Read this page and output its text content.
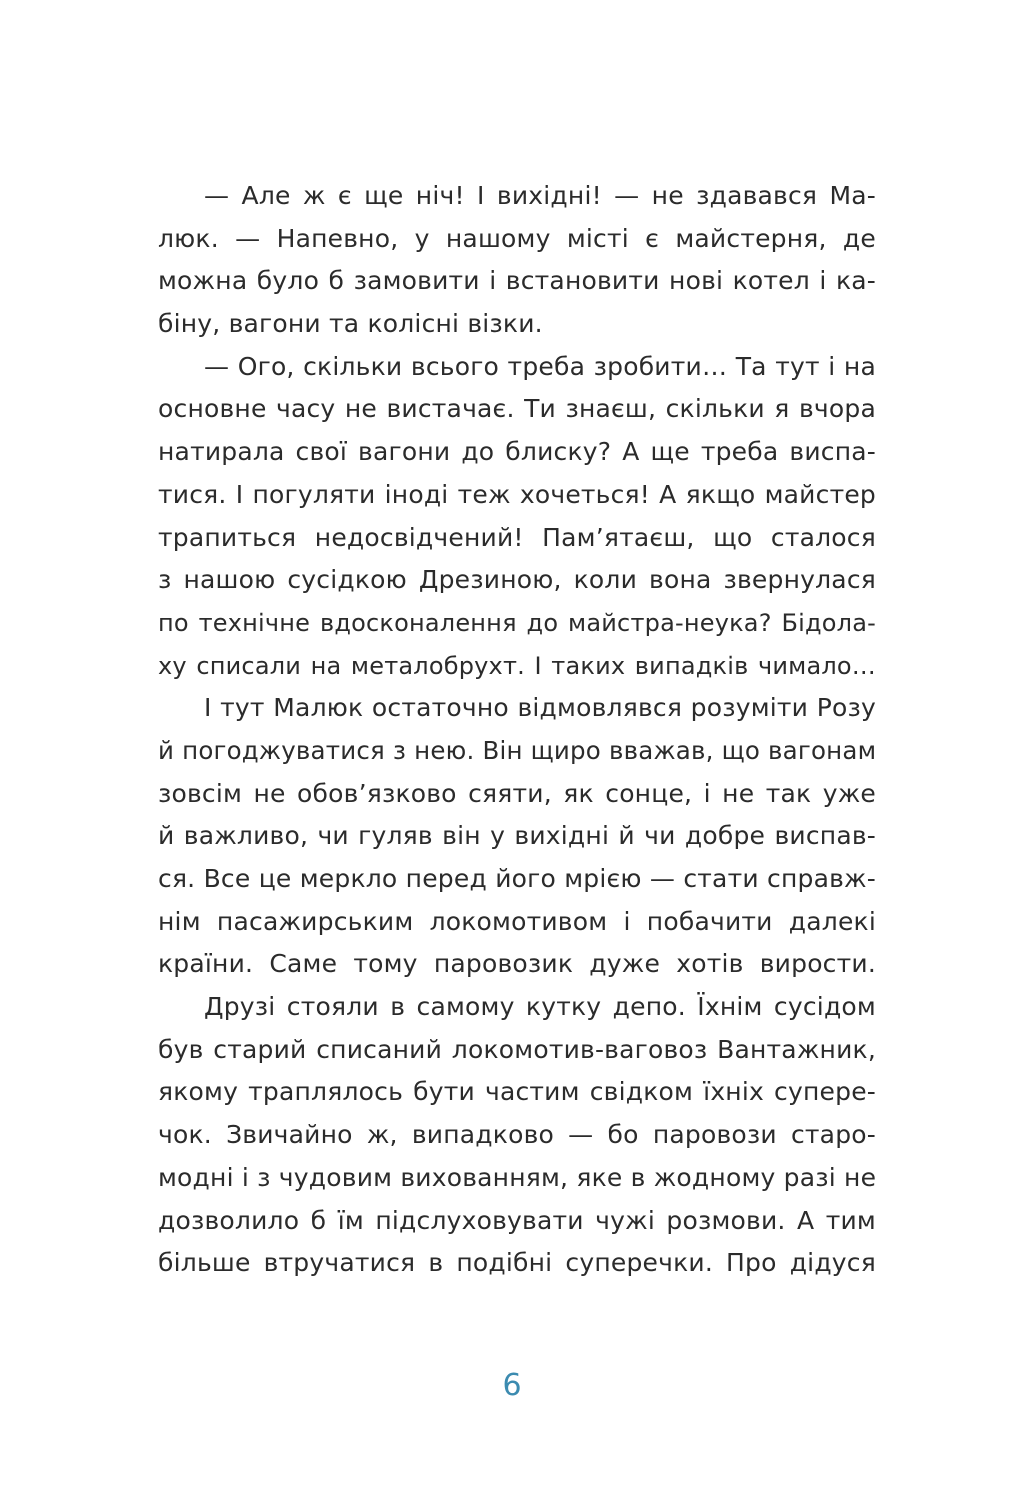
— Але ж є ще ніч! І вихідні! — не здавався Ма-
люк. — Напевно, у нашому місті є майстерня, де
можна було б замовити і встановити нові котел і ка-
біну, вагони та колісні візки.
— Ого, скільки всього треба зробити… Та тут і на
основне часу не вистачає. Ти знаєш, скільки я вчора
натирала свої вагони до блиску? А ще треба виспа-
тися. І погуляти іноді теж хочеться! А якщо майстер
трапиться недосвідчений! Пам’ятаєш, що сталося
з нашою сусідкою Дрезиною, коли вона звернулася
по технічне вдосконалення до майстра-неука? Бідола-
ху списали на металобрухт. І таких випадків чимало…
І тут Малюк остаточно відмовлявся розуміти Розу
й погоджуватися з нею. Він щиро вважав, що вагонам
зовсім не обов’язково сяяти, як сонце, і не так уже
й важливо, чи гуляв він у вихідні й чи добре виспав-
ся. Все це меркло перед його мрією — стати справж-
нім пасажирським локомотивом і побачити далекі
країни. Саме тому паровозик дуже хотів вирости.
Друзі стояли в самому кутку депо. Їхнім сусідом
був старий списаний локомотив-ваговоз Вантажник,
якому траплялось бути частим свідком їхніх суперe-
чок. Звичайно ж, випадково — бо паровози старо-
модні і з чудовим вихованням, яке в жодному разі не
дозволило б їм підслуховувати чужі розмови. А тим
більше втручатися в подібні суперечки. Про дідуся
6
